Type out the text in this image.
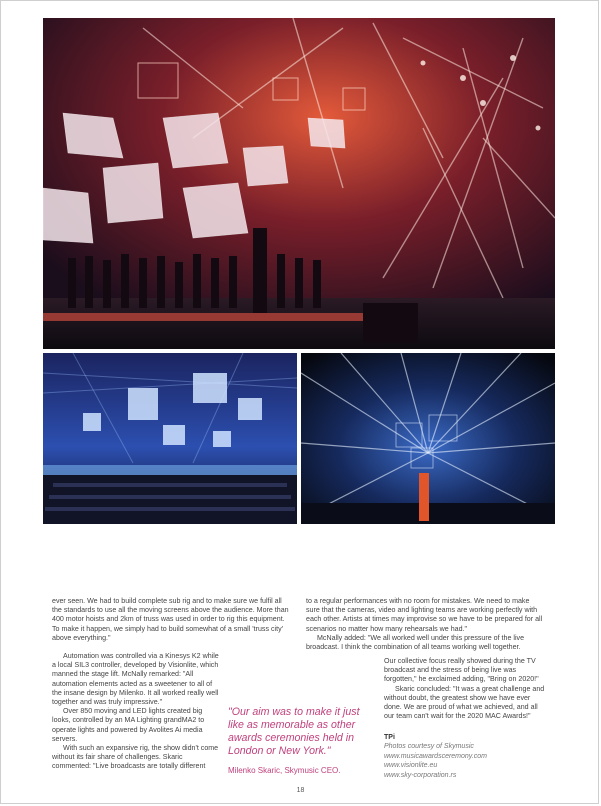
ever seen. We had to build complete sub rig and to make sure we fulfil all

the standards to use all the moving screens above the audience. More than

400 motor hoists and 2km of truss was used in order to rig this equipment.

To make it happen, we simply had to build somewhat of a small 'truss city'

above everything."

Automation was controlled via a Kinesys K2 while a local SIL3 controller, developed by Visionlite, which manned the stage lift. McNally remarked: "All automation elements acted as a sweetener to all of the insane design by Milenko. It all worked really well together and was truly impressive."

Over 850 moving and LED lights created big looks, controlled by an MA Lighting grandMA2 to operate lights and powered by Avolites Ai media servers.

With such an expansive rig, the show didn't come without its fair share of challenges. Skaric commented: "Live broadcasts are totally different

to a regular performances with no room for mistakes. We need to make

sure that the cameras, video and lighting teams are working perfectly with

each other. Artists at times may improvise so we have to be prepared for all

scenarios no matter how many rehearsals we had."

McNally added: "We all worked well under this pressure of the live broadcast. I think the combination of all teams working well together.

Our collective focus really showed during the TV broadcast and the stress of being live was forgotten," he exclaimed adding, "Bring on 2020!"

Skaric concluded: "It was a great challenge and without doubt, the greatest show we have ever done. We are proud of what we achieved, and all our team can't wait for the 2020 MAC Awards!"

"Our aim was to make it just like as memorable as other awards ceremonies held in London or New York."
Milenko Skaric, Skymusic CEO.
TPi
Photos courtesy of Skymusic
www.musicawardsceremony.com
www.visionlite.eu
www.sky-corporation.rs
18
